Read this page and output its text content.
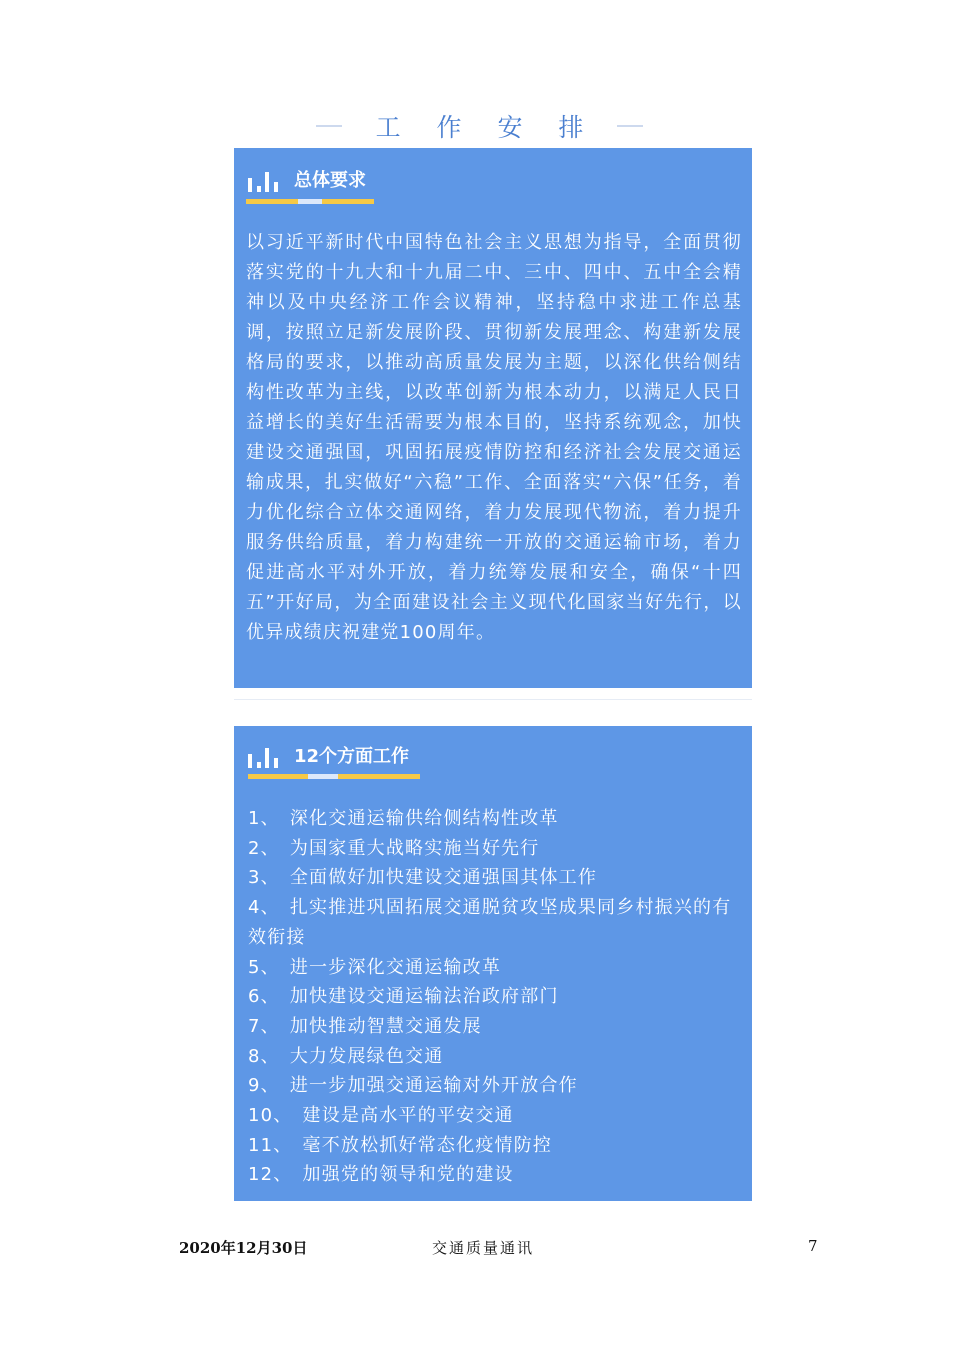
工 作 安 排
总体要求
以习近平新时代中国特色社会主义思想为指导，全面贯彻落实党的十九大和十九届二中、三中、四中、五中全会精神以及中央经济工作会议精神，坚持稳中求进工作总基调，按照立足新发展阶段、贯彻新发展理念、构建新发展格局的要求，以推动高质量发展为主题，以深化供给侧结构性改革为主线，以改革创新为根本动力，以满足人民日益增长的美好生活需要为根本目的，坚持系统观念，加快建设交通强国，巩固拓展疫情防控和经济社会发展交通运输成果，扎实做好“六稳”工作、全面落实“六保”任务，着力优化综合立体交通网络，着力发展现代物流，着力提升服务供给质量，着力构建统一开放的交通运输市场，着力促进高水平对外开放，着力统筹发展和安全，确保“十四五”开好局，为全面建设社会主义现代化国家当好先行，以优异成绩庆祝建党100周年。
12个方面工作
1、 深化交通运输供给侧结构性改革
2、 为国家重大战略实施当好先行
3、 全面做好加快建设交通强国其体工作
4、 扎实推进巩固拓展交通脱贫攻坚成果同乡村振兴的有效衔接
5、 进一步深化交通运输改革
6、 加快建设交通运输法治政府部门
7、 加快推动智慧交通发展
8、 大力发展绿色交通
9、 进一步加强交通运输对外开放合作
10、 建设是高水平的平安交通
11、 毫不放松抓好常态化疫情防控
12、 加强党的领导和党的建设
2020年12月30日	交通质量通讯	7
